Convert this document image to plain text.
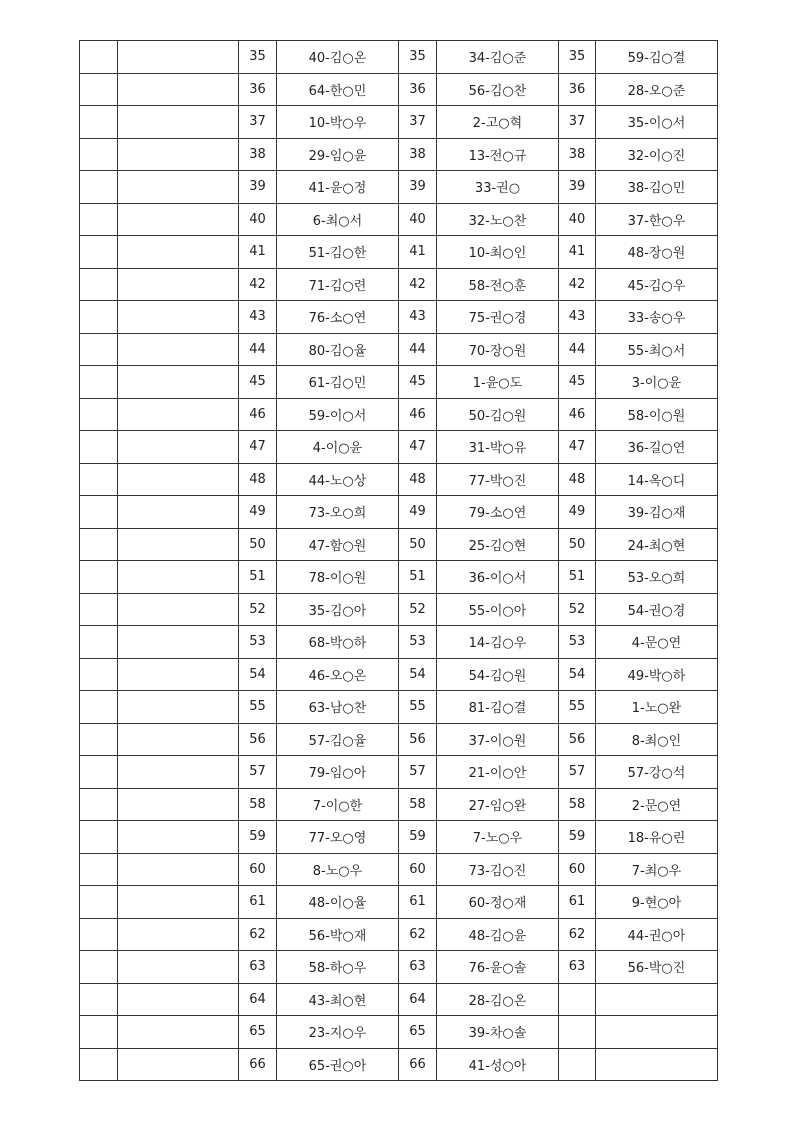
		35	40-김○온	35	34-김○준	35	59-김○결
		36	64-한○민	36	56-김○찬	36	28-오○준
		37	10-박○우	37	2-고○혁	37	35-이○서
		38	29-임○윤	38	13-전○규	38	32-이○진
		39	41-윤○정	39	33-권○	39	38-김○민
		40	6-최○서	40	32-노○찬	40	37-한○우
		41	51-김○한	41	10-최○인	41	48-장○원
		42	71-김○련	42	58-전○훈	42	45-김○우
		43	76-소○연	43	75-권○경	43	33-송○우
		44	80-김○율	44	70-장○원	44	55-최○서
		45	61-김○민	45	1-윤○도	45	3-이○윤
		46	59-이○서	46	50-김○원	46	58-이○원
		47	4-이○윤	47	31-박○유	47	36-길○연
		48	44-노○상	48	77-박○진	48	14-옥○디
		49	73-오○희	49	79-소○연	49	39-김○재
		50	47-함○원	50	25-김○현	50	24-최○현
		51	78-이○원	51	36-이○서	51	53-오○희
		52	35-김○아	52	55-이○아	52	54-권○경
		53	68-박○하	53	14-김○우	53	4-문○연
		54	46-오○온	54	54-김○원	54	49-박○하
		55	63-남○찬	55	81-김○결	55	1-노○완
		56	57-김○율	56	37-이○원	56	8-최○인
		57	79-임○아	57	21-이○안	57	57-강○석
		58	7-이○한	58	27-임○완	58	2-문○연
		59	77-오○영	59	7-노○우	59	18-유○린
		60	8-노○우	60	73-김○진	60	7-최○우
		61	48-이○율	61	60-정○재	61	9-현○아
		62	56-박○재	62	48-김○윤	62	44-권○아
		63	58-하○우	63	76-윤○솔	63	56-박○진
		64	43-최○현	64	28-김○온		
		65	23-지○우	65	39-차○솔		
		66	65-권○아	66	41-성○아		
